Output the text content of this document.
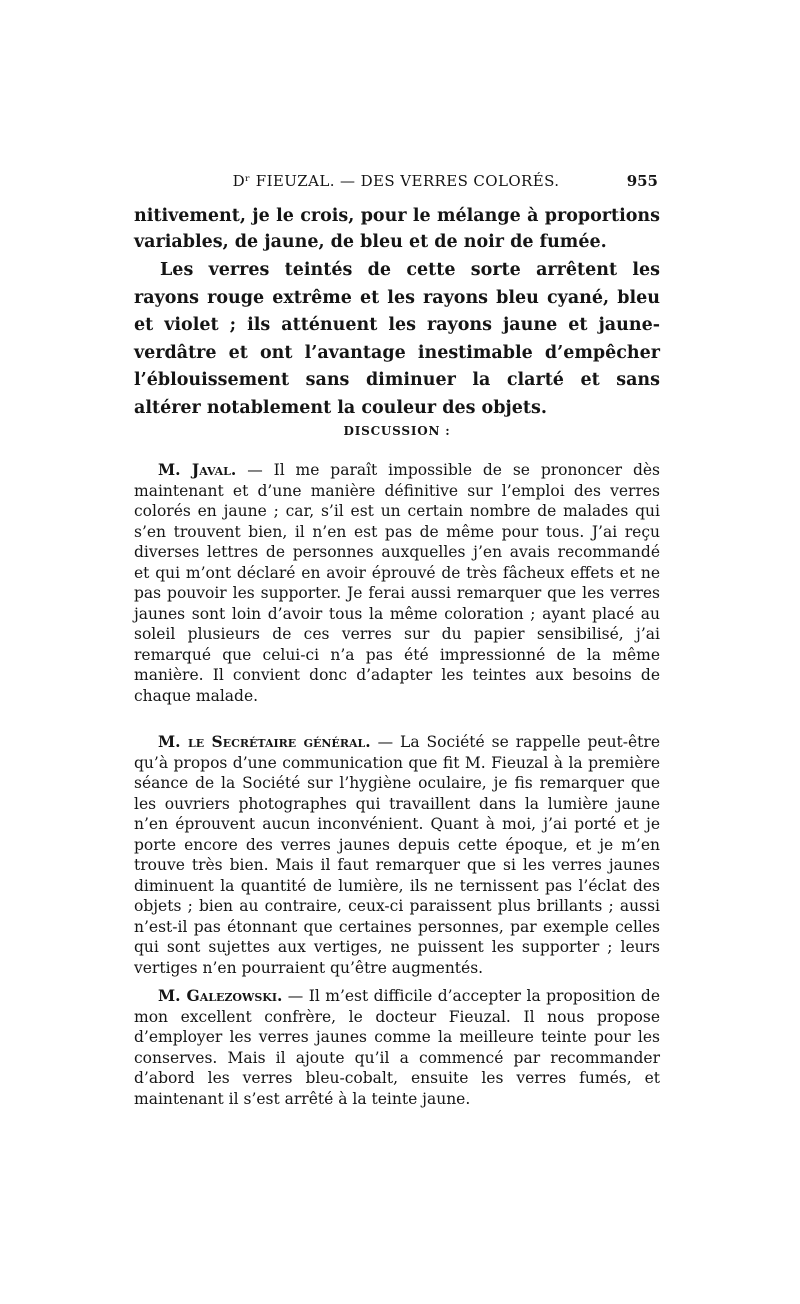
Dʳ FIEUZAL. — DES VERRES COLORÉS.	955

nitivement, je le crois, pour le mélange à proportions variables, de jaune, de bleu et de noir de fumée.

Les verres teintés de cette sorte arrêtent les rayons rouge extrême et les rayons bleu cyané, bleu et violet ; ils atténuent les rayons jaune et jaune-verdâtre et ont l’avantage inestimable d’empêcher l’éblouissement sans diminuer la clarté et sans altérer notablement la couleur des objets.

DISCUSSION :

M. Javal. — Il me paraît impossible de se prononcer dès maintenant et d’une manière définitive sur l’emploi des verres colorés en jaune ; car, s’il est un certain nombre de malades qui s’en trouvent bien, il n’en est pas de même pour tous. J’ai reçu diverses lettres de personnes auxquelles j’en avais recommandé et qui m’ont déclaré en avoir éprouvé de très fâcheux effets et ne pas pouvoir les supporter. Je ferai aussi remarquer que les verres jaunes sont loin d’avoir tous la même coloration ; ayant placé au soleil plusieurs de ces verres sur du papier sensibilisé, j’ai remarqué que celui-ci n’a pas été impressionné de la même manière. Il convient donc d’adapter les teintes aux besoins de chaque malade.

M. le Secrétaire général. — La Société se rappelle peut-être qu’à propos d’une communication que fit M. Fieuzal à la première séance de la Société sur l’hygiène oculaire, je fis remarquer que les ouvriers photographes qui travaillent dans la lumière jaune n’en éprouvent aucun inconvénient. Quant à moi, j’ai porté et je porte encore des verres jaunes depuis cette époque, et je m’en trouve très bien. Mais il faut remarquer que si les verres jaunes diminuent la quantité de lumière, ils ne ternissent pas l’éclat des objets ; bien au contraire, ceux-ci paraissent plus brillants ; aussi n’est-il pas étonnant que certaines personnes, par exemple celles qui sont sujettes aux vertiges, ne puissent les supporter ; leurs vertiges n’en pourraient qu’être augmentés.

M. Galezowski. — Il m’est difficile d’accepter la proposition de mon excellent confrère, le docteur Fieuzal. Il nous propose d’employer les verres jaunes comme la meilleure teinte pour les conserves. Mais il ajoute qu’il a commencé par recommander d’abord les verres bleu-cobalt, ensuite les verres fumés, et maintenant il s’est arrêté à la teinte jaune.
